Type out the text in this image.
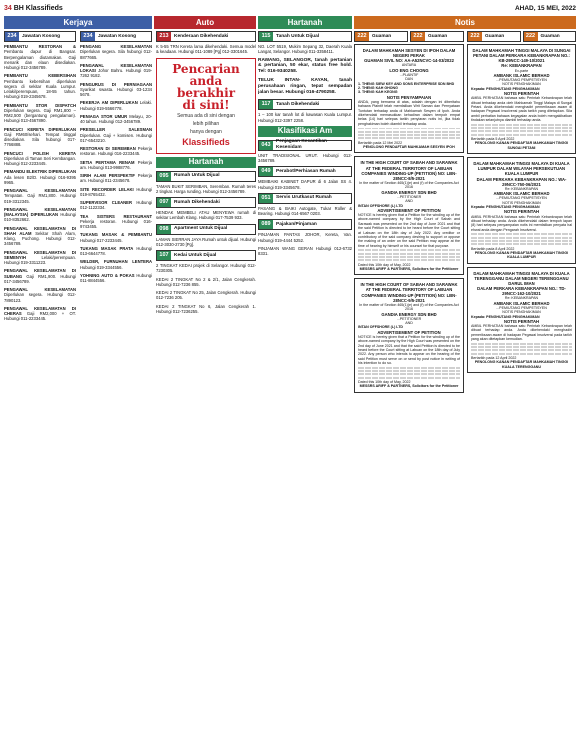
34 BH Klassifieds	AHAD, 15 MEI, 2022
Kerjaya	Auto	Hartanah	Notis
234	Jawatan Kosong
PEMBANTU RESTORAN & Pembantu dapur di Bangsar. Berpengalaman diutamakan. Gaji menarik dan elaun disediakan. Hubungi 012-3456789.
PEMBANTU KEBERSIHAN Pembantu kebersihan diperlukan segera di sekitar Kuala Lumpur. Lelaki/perempuan, 18-55 tahun. Hubungi 019-2345678.
PEMBANTU STOR DISPATCH Diperlukan segera. Gaji RM1,800 – RM2,500 (bergantung pengalaman). Hubungi 013-4567890.
PENCUCI KERETA DIPERLUKAN Gaji RM60/sehari. Tempat tinggal disediakan. Sila hubungi 017-7766888.
PENCUCI POLISH KERETA Diperlukan di Taman Seri Kembangan. Hubungi 012-2233445.
PEMANDU ELEKTRIK DIPERLUKAN Ada lesen B2/D. Hubungi 016-9395 9965.
PENGAWAL KESELAMATAN Tempatan. Gaji RM1,800. Hubungi 019-3312345.
PENGAWAL KESELAMATAN (MALAYSIA) DIPERLUKAN Hubungi 010-8352662.
PENGAWAL KESELAMATAN DI SHAH ALAM Sekitar Shah Alam, Klang, Puchong. Hubungi 012-3456789.
PENGAWAL KESELAMATAN DI SEMENYIH	Lelaki/perempuan. Hubungi 019-3311223.
PENGAWAL KESELAMATAN DI SUBANG Gaji RM1,900. Hubungi 017-3456789.
PENGAWAL KESELAMATAN Diperlukan segera. Hubungi 012-7890123.
PENGAWAL KESELAMATAN DI CHERAS Gaji RM2,000 + OT. Hubungi 011-2233445.
234	Jawatan Kosong
PENGANG KESELAMATAN Diperlukan segera. Sila hubungi 012-8877665.
PENGAWAL KESELAMATAN LOKASI Johor Bahru. Hubungi 019-7262 9182.
PENGURUS DI PERNIAGAAN Syarikat swasta. Hubungi 03-1234 5678.
PEKERJA AM DIPERLUKAN Lelaki. Hubungi 019-5566778.
PENIAGA STOR UMUR Melayu, 20-40 tahun. Hubungi 012-3456789.
PRESELLER SALESMAN Diperlukan. Gaji + komisen. Hubungi 017-6543210.
RESTORAN DI SEREMBAN Pekerja restoran. Hubungi 016-2233445.
SETIA PERTAMA RENAM Pekerja am. Hubungi 013-9988776.
SIRIH ALAM PERSPEKTIF Pekerja am. Hubungi 011-2345678.
SITE RECORDER LELAKI Hubungi 019-8765432.
SUPERVISOR CLEANER Hubungi 012-1122334.
TEA SISTERS RESTAURANT Pekerja restoran. Hubungi 016-9743455.
TUKANG MASAK & PEMBANTU Hubungi 017-2233445.
TUKANG MASAK PRATA Hubungi 013-6644778.
WELDER, FURNUHAN LENTERA Hubungi 019-3344556.
YOHNING AUTO & POKAS Hubungi 011-8844556.
213	Kenderaan Dikehendaki
K 5-55 TRN Kereta lama dikehendaki. Semua model & keadaan. Hubungi 011-1089 [Pg] 012-3301645.
Pencarian
anda
berakhir
di sini!
Semua ada di sini dengan
lebih pilihan
hanya dengan
Klassifieds
Hartanah
095	Rumah Untuk Dijual
TAMAN BUKIT SERIMBAN, Seremban. Rumah teres 2 tingkat. Harga runding. Hubungi 012-3456789.
097	Rumah Dikehendaki
HENDAK MEMBELI ATAU MENYEWA rumah di sekitar Lembah Klang. Hubungi 017-7539 933.
098	Apartment Untuk Dijual
LAMAN SIERRAN JAYA Rumah untuk dijual. Hubungi 012-3030-2730 [Pg].
107	Kedai Untuk Dijual
2 TINGKAT KEDAI projek di Selangor. Hubungi 012-7230305.
KEDAI 2 TINGKAT No 2 & 2/1, Jalan Cengkerah. Hubungi 012-7236 855.
KEDAI 2 TINGKAT No 25, Jalan Cengkerah. Hubungi 012-7236 205.
KEDAI 2 TINGKAT No 6, Jalan Cengkerah 1. Hubungi 012-7236255.
115	Tanah Untuk Dijual
NO. LOT 5519, Mukim Sepang 32, Daerah Kuala Langat, Selangor. Hubungi 011-3358411.
RAWANG, SELANGOR, tanah pertanian & pertanian, 50 ekar, status free hold. Tel: 016-9340258.
TELUK INTAN- KAYAN, tanah perusahaan ringan, tepat sempadan jalan besar. Hubungi 016-4790258.
117	Tanah Dikehendaki
1 – 100 kar tanah lot di kawasan Kuala Lumpur. Hubungi 012-3397 2258.
Klasifikasi Am
043
Penjagaan Kecantikan Kesenidam
UNIT TRADISIONAL URUT. Hubungi 012-3456789.
049	Perabot/Perhiasan Rumah
MEMBAIKI KABINET DAPUR di 6 Jalan SS 4. Hubungi 019-3345678.
051	Servis Urutkasut Rumah
PASANG & BAIKI Autogate, Tukar Roller & Bearing. Hubungi 014-6567 0203.
089	Pajakan/Pinjaman
PINJAMAN PANTAS JOHOR, Kereta, Van. Hubungi 019-4444 5252.
PINJAMAN WANG GERAN Hubungi 012-6732 8331.
222	Guaman	222	Guaman
DALAM MAHKAMAH SESYEN DI IPOH DALAM NEGERI PERAK
GUAMAN SIVIL NO: AA-A52NCVC-14-03/2022
ANTARA
LOO ENG CHOONG
...PLAINTIF
DAN
1. THENG SIEW KEY AND SONS ENTERPRISE SDN BHD
2. THENG KAH GHONG
3. THENG KAH KEONG
NOTIS PENYAMPAIAN
ANDA, yang bernama di atas, adalah dengan ini diberitahu bahawa Plaintif telah memfailkan Writ Saman dan Pernyataan Tuntutan terhadap anda di Mahkamah Sesyen di Ipoh. Anda dikehendaki memasukkan kehadiran dalam tempoh empat belas (14) hari selepas tarikh penyiaran notis ini, jika tidak penghakiman boleh diambil terhadap anda.
Bertarikh pada 12 Mei 2022
PENOLONG PENDAFTAR MAHKAMAH SESYEN IPOH
IN THE HIGH COURT OF SABAH AND SARAWAK AT THE FEDERAL TERRITORY OF LABUAN
COMPANIES WINDING-UP (PETITION) NO: LBN-28NCC-8/5-2021
In the matter of Section 465(1)(e) and (f) of the Companies Act 2016
GANDIA ENERGY SDN BHD
...PETITIONER
AND
INTAN OFFSHORE (L) LTD
ADVERTISEMENT OF PETITION
NOTICE is hereby given that a Petition for the winding up of the above-named company by the High Court of Sabah and Sarawak was presented on the 2nd day of June 2021 and that the said Petition is directed to be heard before the Court sitting at Labuan on the 18th day of July 2022. Any creditor or contributory of the said company desiring to support or oppose the making of an order on the said Petition may appear at the time of hearing by himself or his counsel for that purpose.
Dated this 10th day of May, 2022
MESSRS ARIFF & PARTNERS, Solicitors for the Petitioner
IN THE HIGH COURT OF SABAH AND SARAWAK AT THE FEDERAL TERRITORY OF LABUAN
COMPANIES WINDING-UP (PETITION) NO: LBN-28NCC-9/5-2021
In the matter of Section 465(1)(e) and (f) of the Companies Act 2016
GANDIA ENERGY SDN BHD
...PETITIONER
AND
INTAN OFFSHORE (L) LTD
ADVERTISEMENT OF PETITION
NOTICE is hereby given that a Petition for the winding up of the above-named company by the High Court was presented on the 2nd day of June 2021 and that the said Petition is directed to be heard before the Court sitting at Labuan on the 18th day of July 2022. Any person who intends to appear on the hearing of the said Petition must serve on or send by post notice in writing of his intention to do so.
Dated this 10th day of May, 2022
MESSRS ARIFF & PARTNERS, Solicitors for the Petitioner
222	Guaman	222	Guaman
DALAM MAHKAMAH TINGGI MALAYA DI SUNGAI PETANI DALAM PERKARA KEBANKRAPAN NO.: KB-29NCC-149-10/2021
Re: KEBANKRAPAN
Ex-parte
AMBANK ISLAMIC BERHAD
...PEMIUTANG PEMPETISYEN
NOTIS PENGHAKIMAN
Kepada: PENGHUTANG PENGHAKIMAN
NOTIS PERINTAH
AMBIL PERHATIAN bahawa satu Perintah Kebankrapan telah dibuat terhadap anda oleh Mahkamah Tinggi Malaya di Sungai Petani. Anda dikehendaki menghadiri pemeriksaan awam di hadapan Pegawai Insolvensi pada tarikh yang ditetapkan. Sila ambil perhatian bahawa kegagalan anda boleh mengakibatkan tindakan selanjutnya diambil terhadap anda.
Bertarikh pada 5 April 2022
PENOLONG KANAN PENDAFTAR MAHKAMAH TINGGI SUNGAI PETANI
DALAM MAHKAMAH TINGGI MALAYA DI KUALA LUMPUR DALAM WILAYAH PERSEKUTUAN KUALA LUMPUR
DALAM PERKARA KEBANKRAPAN NO.: WA-29NCC-750-06/2021
Re: KEBANKRAPAN
AMBANK ISLAMIC BERHAD
...PEMIUTANG PEMPETISYEN
NOTIS PENGHAKIMAN
Kepada: PENGHUTANG PENGHAKIMAN
NOTIS PERINTAH
AMBIL PERHATIAN bahawa satu Perintah Kebankrapan telah dibuat terhadap anda. Anda dikehendaki dalam tempoh lapan (8) hari selepas penyampaian notis ini memfailkan penyata hal ehwal anda dengan Pengarah Insolvensi.
Bertarikh pada 8 April 2022
PENOLONG KANAN PENDAFTAR MAHKAMAH TINGGI KUALA LUMPUR
DALAM MAHKAMAH TINGGI MALAYA DI KUALA TERENGGANU DALAM NEGERI TERENGGANU DARUL IMAN
DALAM PERKARA KEBANKRAPAN NO.: TD-29NCC-162-10/2021
Re: KEBANKRAPAN
AMBANK ISLAMIC BERHAD
...PEMIUTANG PEMPETISYEN
NOTIS PENGHAKIMAN
Kepada: PENGHUTANG PENGHAKIMAN
NOTIS PERINTAH
AMBIL PERHATIAN bahawa satu Perintah Kebankrapan telah dibuat terhadap anda. Anda dikehendaki menghadiri pemeriksaan awam di hadapan Pegawai Insolvensi pada tarikh yang akan ditetapkan kemudian.
Bertarikh pada 12 April 2022
PENOLONG KANAN PENDAFTAR MAHKAMAH TINGGI KUALA TERENGGANU
